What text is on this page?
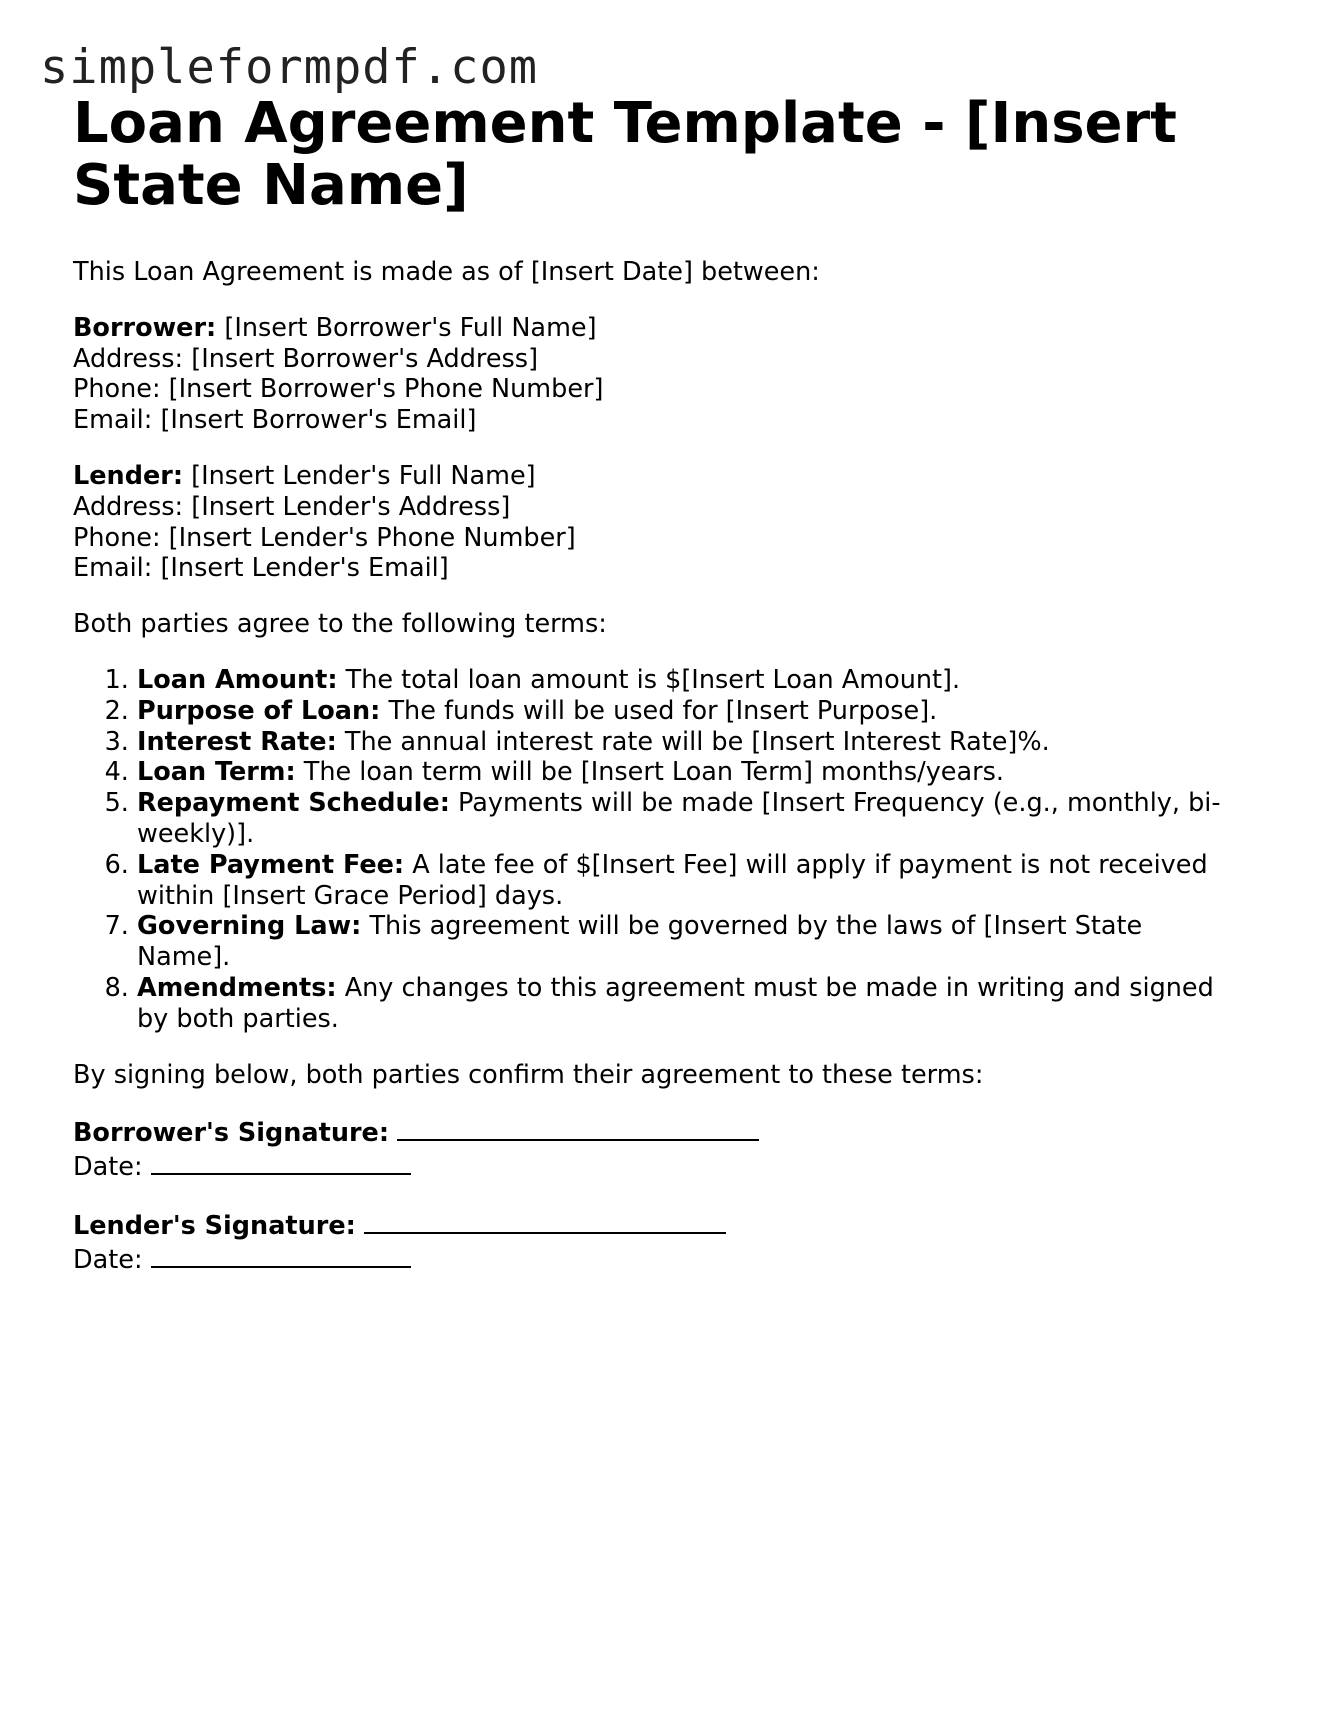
simpleformpdf.com
Loan Agreement Template - [Insert State Name]

This Loan Agreement is made as of [Insert Date] between:

Borrower: [Insert Borrower's Full Name]
Address: [Insert Borrower's Address]
Phone: [Insert Borrower's Phone Number]
Email: [Insert Borrower's Email]
Lender: [Insert Lender's Full Name]
Address: [Insert Lender's Address]
Phone: [Insert Lender's Phone Number]
Email: [Insert Lender's Email]

Both parties agree to the following terms:

1. Loan Amount: The total loan amount is $[Insert Loan Amount].
2. Purpose of Loan: The funds will be used for [Insert Purpose].
3. Interest Rate: The annual interest rate will be [Insert Interest Rate]%.
4. Loan Term: The loan term will be [Insert Loan Term] months/years.
5. Repayment Schedule: Payments will be made [Insert Frequency (e.g., monthly, bi-weekly)].
6. Late Payment Fee: A late fee of $[Insert Fee] will apply if payment is not received within [Insert Grace Period] days.
7. Governing Law: This agreement will be governed by the laws of [Insert State Name].
8. Amendments: Any changes to this agreement must be made in writing and signed by both parties.

By signing below, both parties confirm their agreement to these terms:

Borrower's Signature:
Date:
Lender's Signature:
Date:
